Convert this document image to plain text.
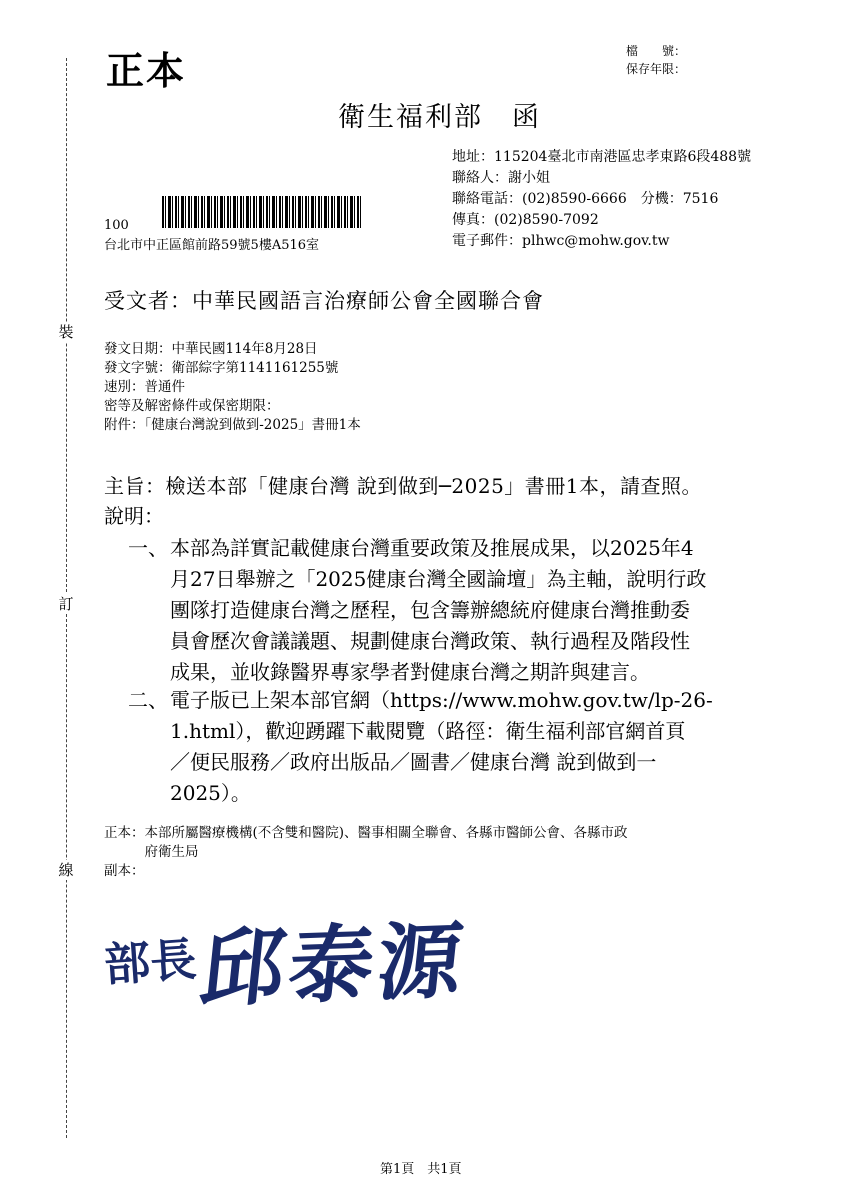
裝
訂
線
正本	檔　　號：
保存年限：
衛生福利部　函
地址：115204臺北市南港區忠孝東路6段488號
聯絡人：謝小姐
聯絡電話：(02)8590-6666　分機：7516
傳真：(02)8590-7092
電子郵件：plhwc@mohw.gov.tw
100
台北市中正區館前路59號5樓A516室
受文者：中華民國語言治療師公會全國聯合會
發文日期：中華民國114年8月28日
發文字號：衛部綜字第1141161255號
速別：普通件
密等及解密條件或保密期限：
附件：「健康台灣說到做到-2025」書冊1本
主旨：檢送本部「健康台灣 說到做到─2025」書冊1本，請查照。
說明：
一、 本部為詳實記載健康台灣重要政策及推展成果，以2025年4
月27日舉辦之「2025健康台灣全國論壇」為主軸，說明行政
團隊打造健康台灣之歷程，包含籌辦總統府健康台灣推動委
員會歷次會議議題、規劃健康台灣政策、執行過程及階段性
成果，並收錄醫界專家學者對健康台灣之期許與建言。
二、 電子版已上架本部官網（https://www.mohw.gov.tw/lp-26-
1.html），歡迎踴躍下載閱覽（路徑：衛生福利部官網首頁
／便民服務／政府出版品／圖書／健康台灣 說到做到一
2025）。
正本：本部所屬醫療機構(不含雙和醫院)、醫事相關全聯會、各縣市醫師公會、各縣市政
　　　府衛生局
副本：
部長邱泰源
第1頁　共1頁
